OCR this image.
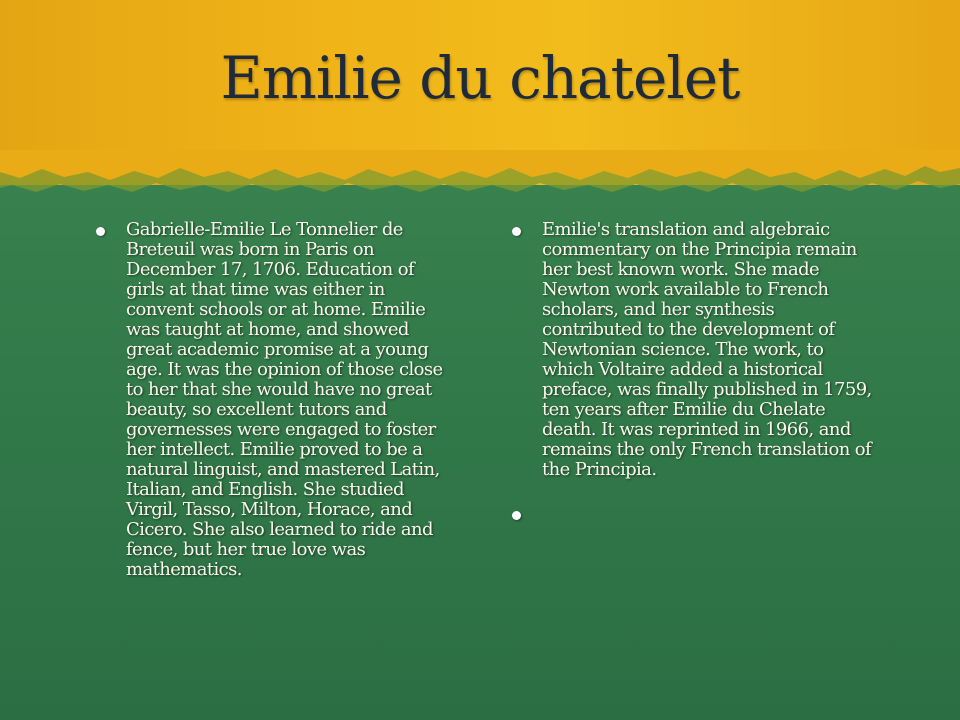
Emilie du chatelet
Gabrielle-Emilie Le Tonnelier de Breteuil was born in Paris on December 17, 1706. Education of girls at that time was either in convent schools or at home. Emilie was taught at home, and showed great academic promise at a young age. It was the opinion of those close to her that she would have no great beauty, so excellent tutors and governesses were engaged to foster her intellect. Emilie proved to be a natural linguist, and mastered Latin, Italian, and English. She studied Virgil, Tasso, Milton, Horace, and Cicero. She also learned to ride and fence, but her true love was mathematics.
Emilie's translation and algebraic commentary on the Principia remain her best known work. She made Newton work available to French scholars, and her synthesis contributed to the development of Newtonian science. The work, to which Voltaire added a historical preface, was finally published in 1759, ten years after Emilie du Chelate death. It was reprinted in 1966, and remains the only French translation of the Principia.
